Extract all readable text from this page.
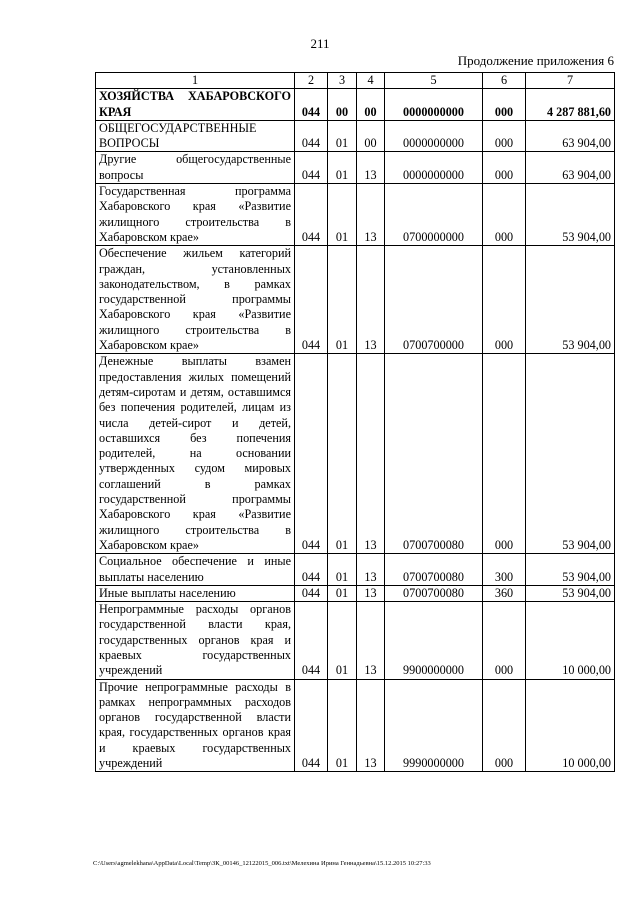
211
Продолжение приложения 6
1	2	3	4	5	6	7
ХОЗЯЙСТВА ХАБАРОВСКОГО КРАЯ	044	00	00	0000000000	000	4 287 881,60
ОБЩЕГОСУДАРСТВЕННЫЕ ВОПРОСЫ	044	01	00	0000000000	000	63 904,00
Другие общегосударственные вопросы	044	01	13	0000000000	000	63 904,00
Государственная программа Хабаровского края «Развитие жилищного строительства в Хабаровском крае»	044	01	13	0700000000	000	53 904,00
Обеспечение жильем категорий граждан, установленных законодательством, в рамках государственной программы Хабаровского края «Развитие жилищного строительства в Хабаровском крае»	044	01	13	0700700000	000	53 904,00
Денежные выплаты взамен предоставления жилых помещений детям-сиротам и детям, оставшимся без попечения родителей, лицам из числа детей-сирот и детей, оставшихся без попечения родителей, на основании утвержденных судом мировых соглашений в рамках государственной программы Хабаровского края «Развитие жилищного строительства в Хабаровском крае»	044	01	13	0700700080	000	53 904,00
Социальное обеспечение и иные выплаты населению	044	01	13	0700700080	300	53 904,00
Иные выплаты населению	044	01	13	0700700080	360	53 904,00
Непрограммные расходы органов государственной власти края, государственных органов края и краевых государственных учреждений	044	01	13	9900000000	000	10 000,00
Прочие непрограммные расходы в рамках непрограммных расходов органов государственной власти края, государственных органов края и краевых государственных учреждений	044	01	13	9990000000	000	10 000,00
C:\Users\agmelekhana\AppData\Local\Temp\ЗК_00146_12122015_006.txt\Мелехина Ирина Геннадьевна\15.12.2015 10:27:33
